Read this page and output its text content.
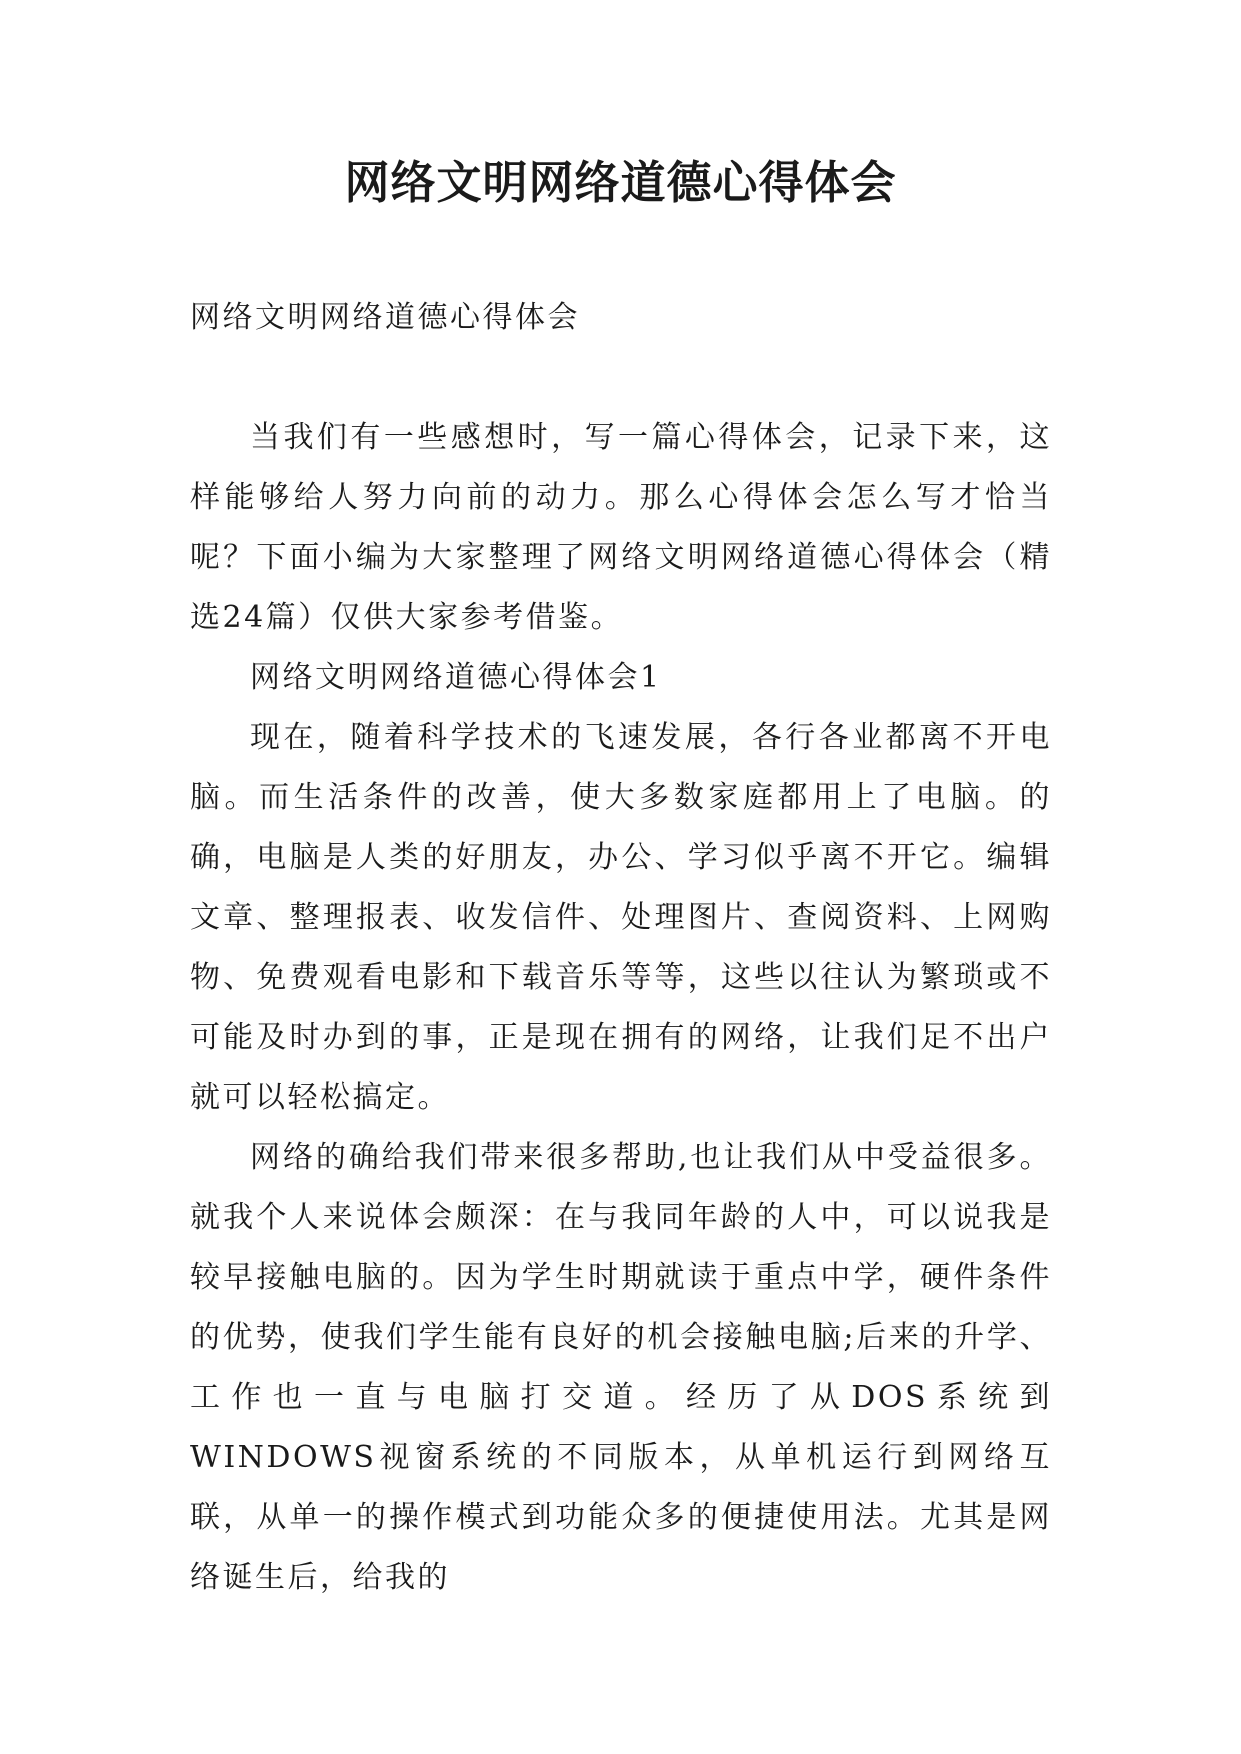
网络文明网络道德心得体会

网络文明网络道德心得体会

当我们有一些感想时，写一篇心得体会，记录下来，这样能够给人努力向前的动力。那么心得体会怎么写才恰当呢？下面小编为大家整理了网络文明网络道德心得体会（精选24篇）仅供大家参考借鉴。

网络文明网络道德心得体会1

现在，随着科学技术的飞速发展，各行各业都离不开电脑。而生活条件的改善，使大多数家庭都用上了电脑。的确，电脑是人类的好朋友，办公、学习似乎离不开它。编辑文章、整理报表、收发信件、处理图片、查阅资料、上网购物、免费观看电影和下载音乐等等，这些以往认为繁琐或不可能及时办到的事，正是现在拥有的网络，让我们足不出户就可以轻松搞定。

网络的确给我们带来很多帮助,也让我们从中受益很多。就我个人来说体会颇深：在与我同年龄的人中，可以说我是较早接触电脑的。因为学生时期就读于重点中学，硬件条件的优势，使我们学生能有良好的机会接触电脑;后来的升学、工作也一直与电脑打交道。经历了从DOS系统到WINDOWS视窗系统的不同版本，从单机运行到网络互联，从单一的操作模式到功能众多的便捷使用法。尤其是网络诞生后，给我的
